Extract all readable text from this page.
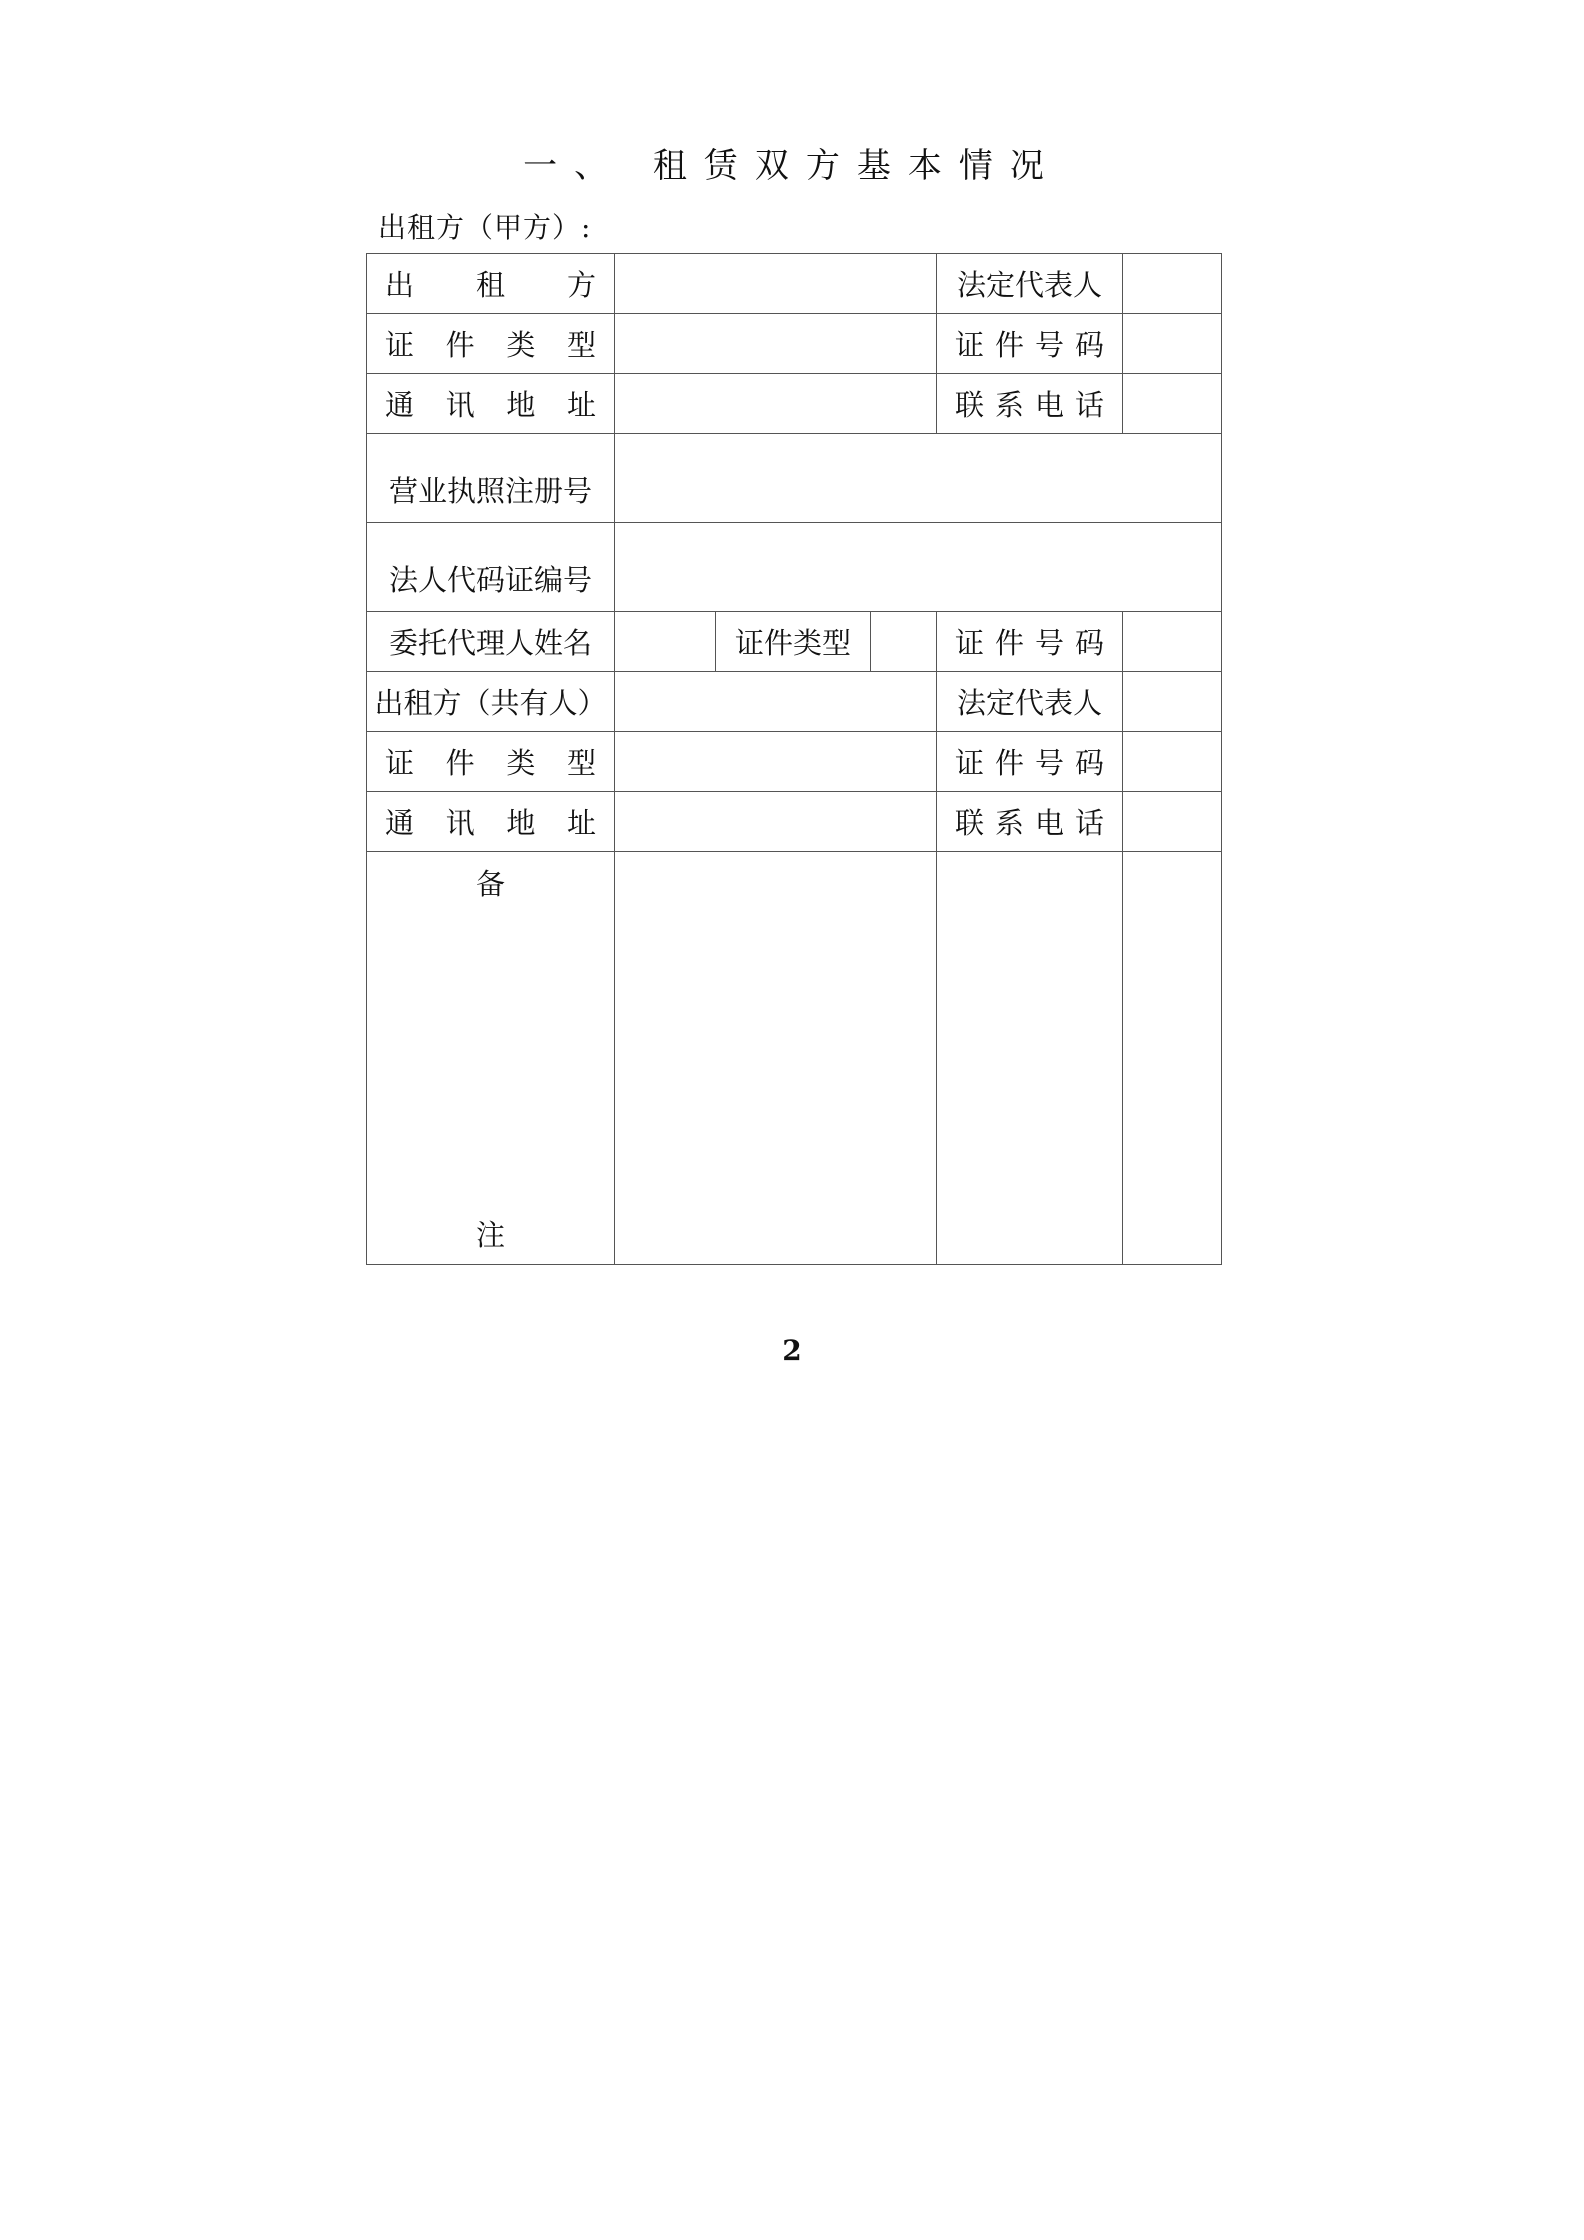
一、 租赁双方基本情况
出租方（甲方）:
出　　租　　方				法定代表人	
证件类型				证件号码	
通讯地址				联系电话	
营业执照注册号					
法人代码证编号					
委托代理人姓名		证件类型		证件号码	
出租方（共有人）				法定代表人	
证件类型				证件号码	
通讯地址				联系电话	

备
注					

2
